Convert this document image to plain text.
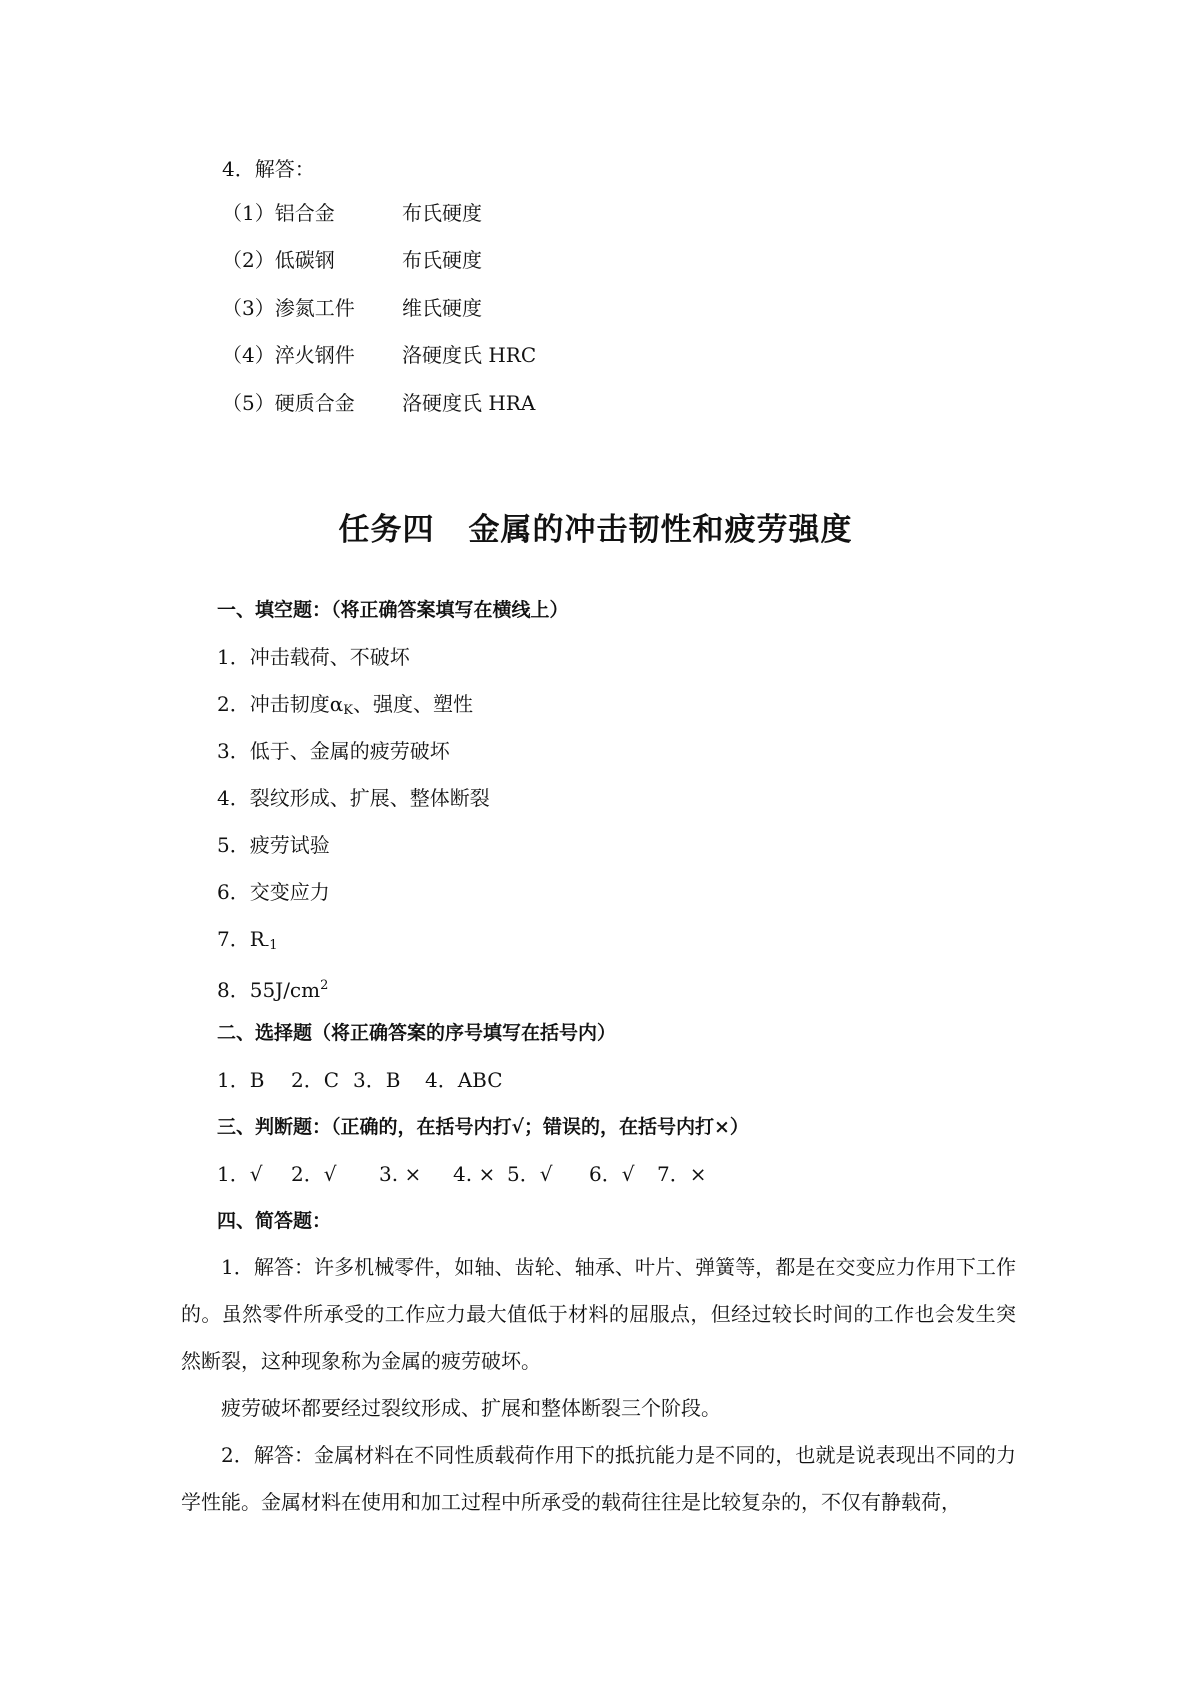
4．解答：
（1）铝合金	布氏硬度
（2）低碳钢	布氏硬度
（3）渗氮工件 维氏硬度
（4）淬火钢件 洛硬度氏 HRC
（5）硬质合金 洛硬度氏 HRA
任务四 金属的冲击韧性和疲劳强度
一、填空题：（将正确答案填写在横线上）
1．冲击载荷、不破坏
2．冲击韧度$\alpha_K$、强度、塑性
3．低于、金属的疲劳破坏
4．裂纹形成、扩展、整体断裂
5．疲劳试验
6．交变应力
7．$R_{-1}$
8．$55J/cm^2$
二、选择题（将正确答案的序号填写在括号内）
1．B 2．C 3．B 4．ABC
三、判断题：（正确的，在括号内打√；错误的，在括号内打×）
1．√ 2．√ 3. × 4. × 5．√ 6．√ 7．×
四、简答题：
1．解答：许多机械零件，如轴、齿轮、轴承、叶片、弹簧等，都是在交变应力作用下工作的。虽然零件所承受的工作应力最大值低于材料的屈服点，但经过较长时间的工作也会发生突然断裂，这种现象称为金属的疲劳破坏。
疲劳破坏都要经过裂纹形成、扩展和整体断裂三个阶段。
2．解答：金属材料在不同性质载荷作用下的抵抗能力是不同的，也就是说表现出不同的力学性能。金属材料在使用和加工过程中所承受的载荷往往是比较复杂的，不仅有静载荷，
